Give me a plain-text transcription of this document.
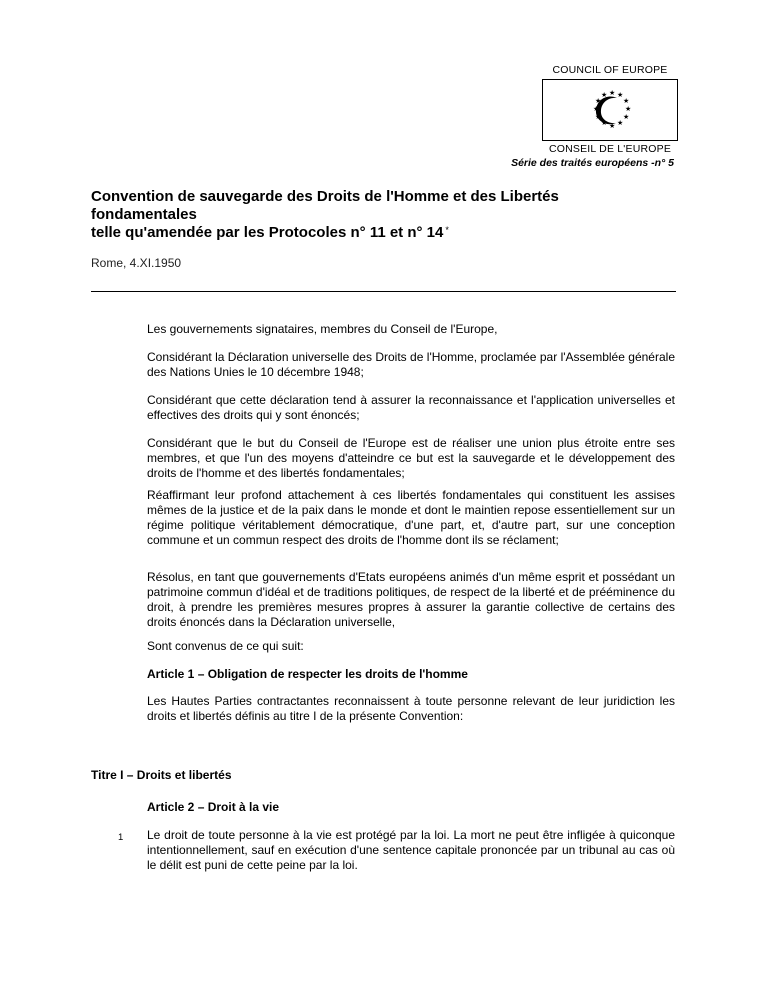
COUNCIL OF EUROPE
★ ★
★
★
★
★
★
★
★
★
★
★
CONSEIL DE L'EUROPE
Série des traités européens -n° 5
Convention de sauvegarde des Droits de l'Homme et des Libertés
fondamentales
telle qu'amendée par les Protocoles n° 11 et n° 14 *
Rome, 4.XI.1950
Les gouvernements signataires, membres du Conseil de l'Europe,
Considérant la Déclaration universelle des Droits de l'Homme, proclamée par l'Assemblée générale des Nations Unies le 10 décembre 1948;
Considérant que cette déclaration tend à assurer la reconnaissance et l'application universelles et effectives des droits qui y sont énoncés;
Considérant que le but du Conseil de l'Europe est de réaliser une union plus étroite entre ses membres, et que l'un des moyens d'atteindre ce but est la sauvegarde et le développement des droits de l'homme et des libertés fondamentales;
Réaffirmant leur profond attachement à ces libertés fondamentales qui constituent les assises mêmes de la justice et de la paix dans le monde et dont le maintien repose essentiellement sur un régime politique véritablement démocratique, d'une part, et, d'autre part, sur une conception commune et un commun respect des droits de l'homme dont ils se réclament;
Résolus, en tant que gouvernements d'Etats européens animés d'un même esprit et possédant un patrimoine commun d'idéal et de traditions politiques, de respect de la liberté et de prééminence du droit, à prendre les premières mesures propres à assurer la garantie collective de certains des droits énoncés dans la Déclaration universelle,
Sont convenus de ce qui suit:
Article 1 – Obligation de respecter les droits de l'homme
Les Hautes Parties contractantes reconnaissent à toute personne relevant de leur juridiction les droits et libertés définis au titre I de la présente Convention:
Titre I – Droits et libertés
Article 2 – Droit à la vie
1 Le droit de toute personne à la vie est protégé par la loi. La mort ne peut être infligée à quiconque intentionnellement, sauf en exécution d'une sentence capitale prononcée par un tribunal au cas où le délit est puni de cette peine par la loi.
